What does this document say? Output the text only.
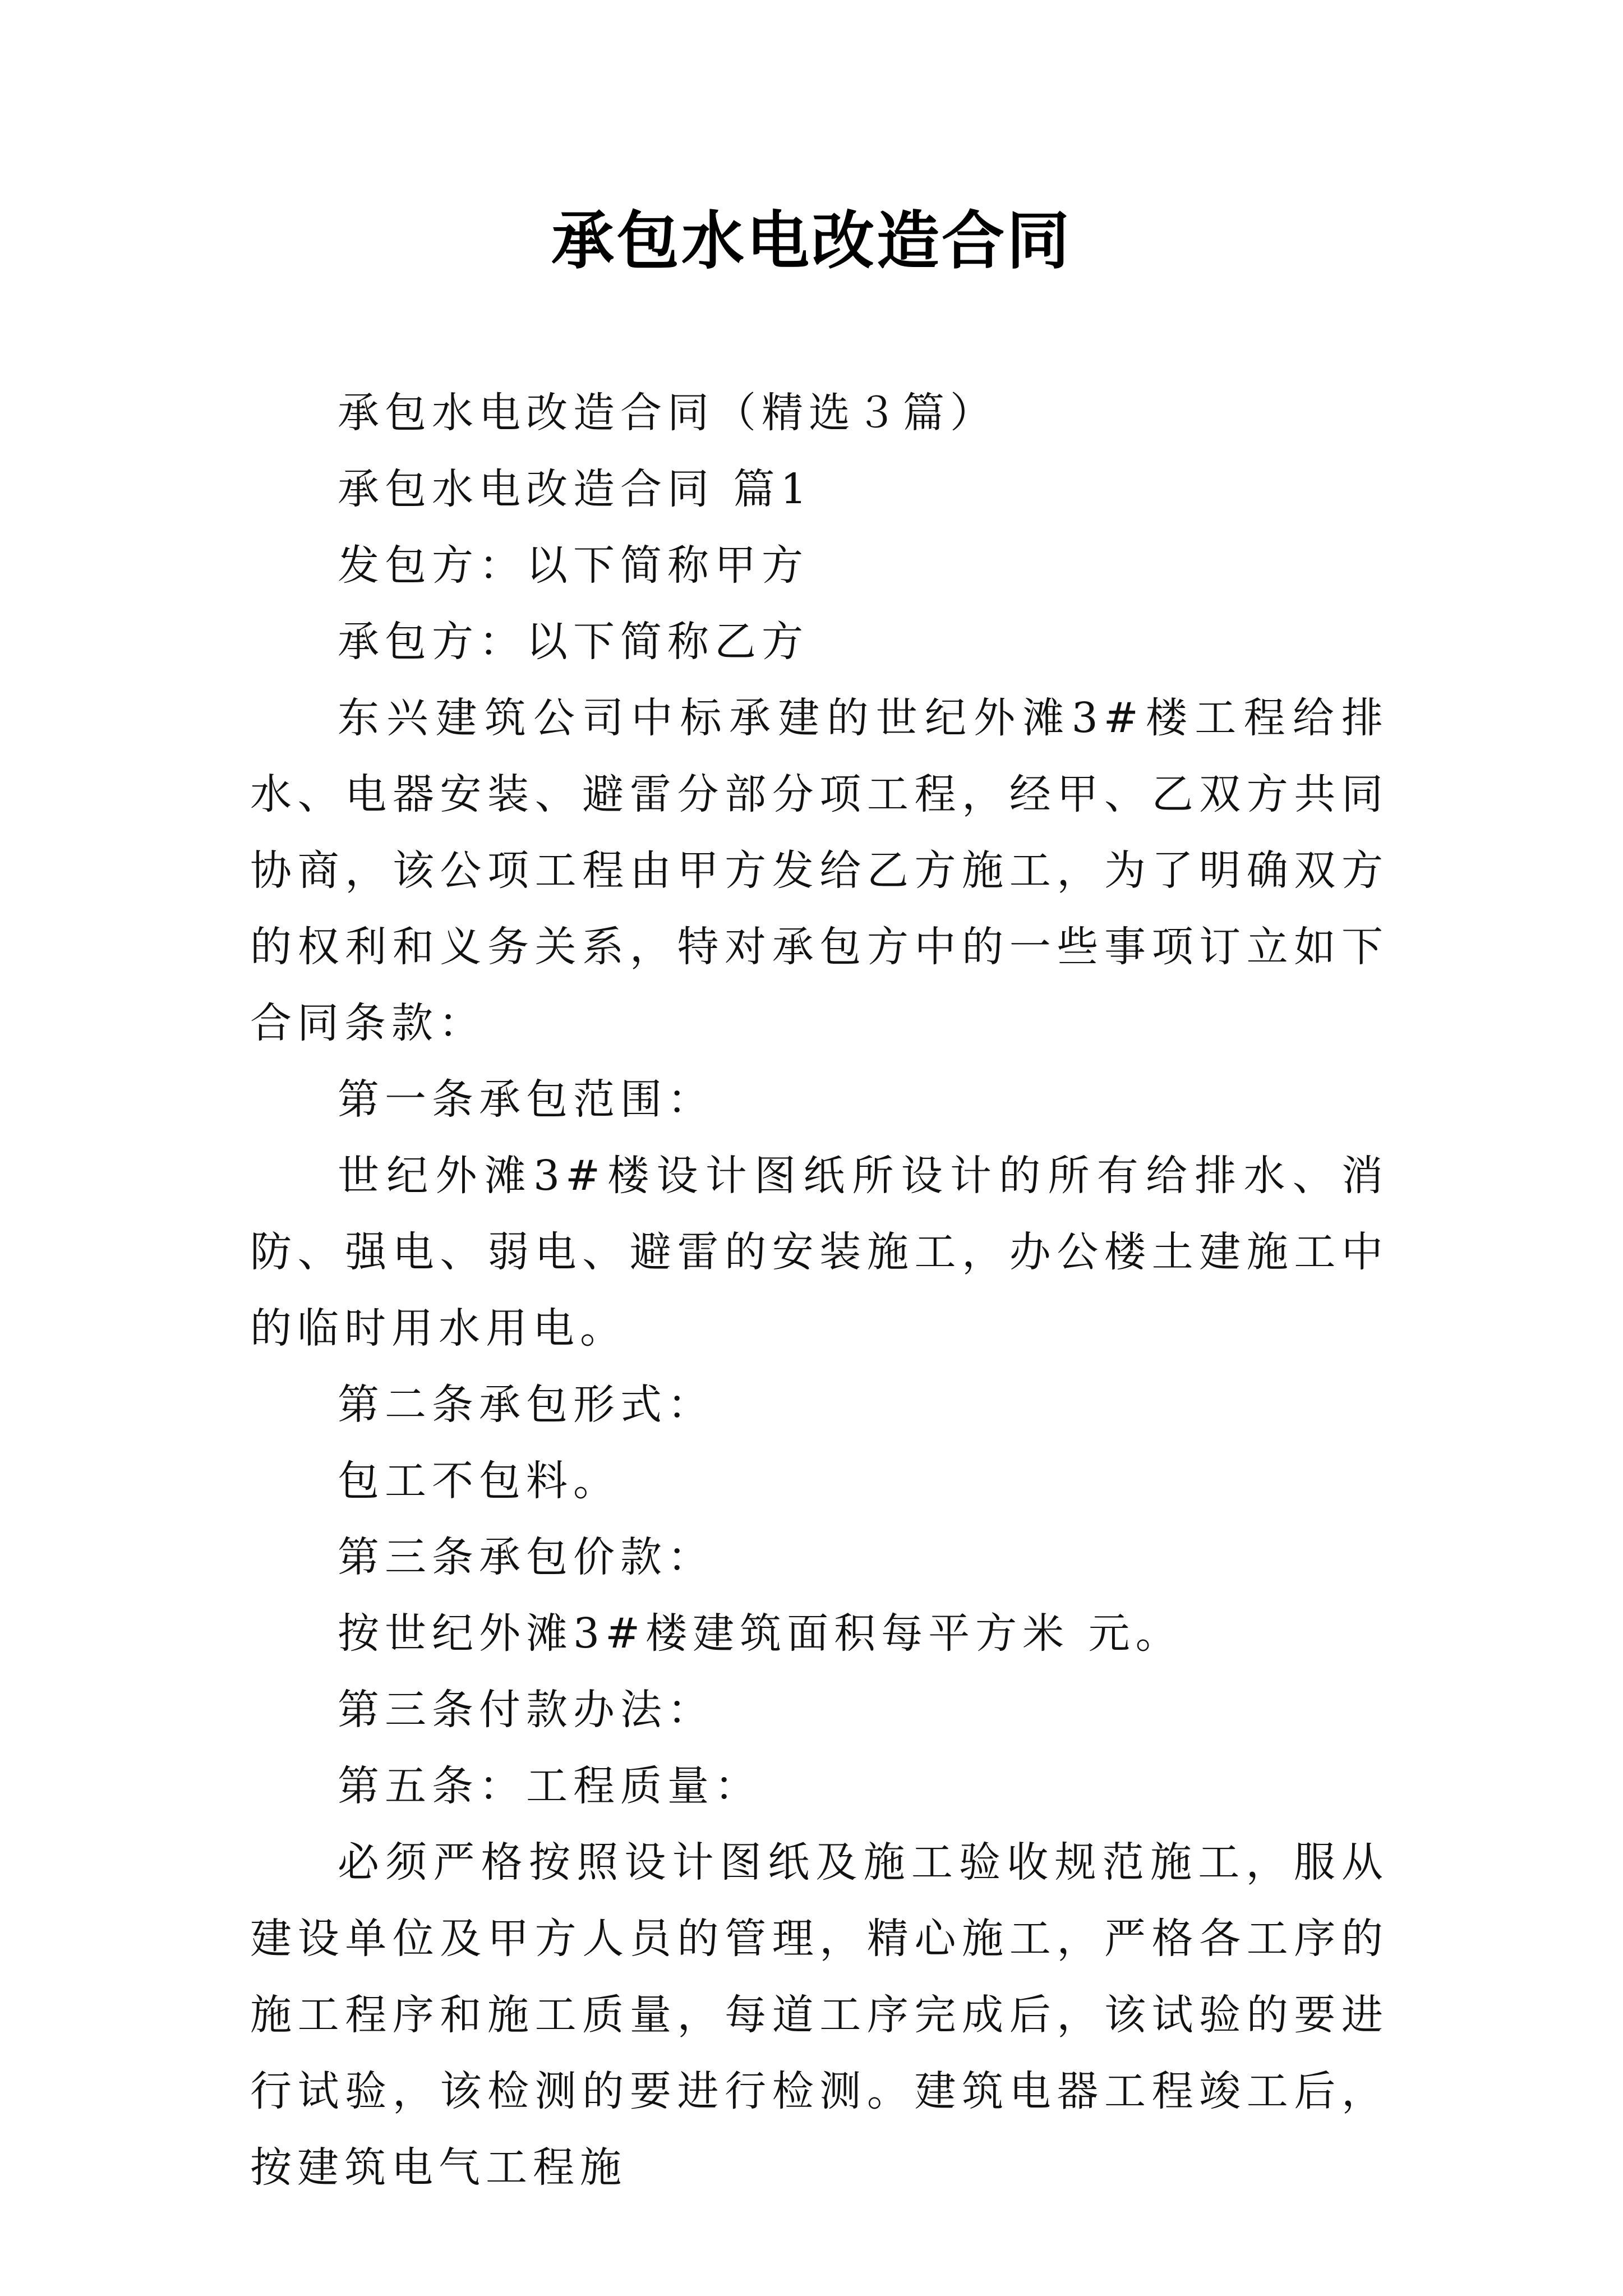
承包水电改造合同

承包水电改造合同（精选３篇）

承包水电改造合同 篇1

发包方：以下简称甲方

承包方：以下简称乙方

东兴建筑公司中标承建的世纪外滩3#楼工程给排水、电器安装、避雷分部分项工程，经甲、乙双方共同协商，该公项工程由甲方发给乙方施工，为了明确双方的权利和义务关系，特对承包方中的一些事项订立如下合同条款：

第一条承包范围：

世纪外滩3#楼设计图纸所设计的所有给排水、消防、强电、弱电、避雷的安装施工，办公楼土建施工中的临时用水用电。

第二条承包形式：

包工不包料。

第三条承包价款：

按世纪外滩3#楼建筑面积每平方米 元。

第三条付款办法：

第五条：工程质量：

必须严格按照设计图纸及施工验收规范施工，服从建设单位及甲方人员的管理，精心施工，严格各工序的施工程序和施工质量，每道工序完成后，该试验的要进行试验，该检测的要进行检测。建筑电器工程竣工后，按建筑电气工程施
